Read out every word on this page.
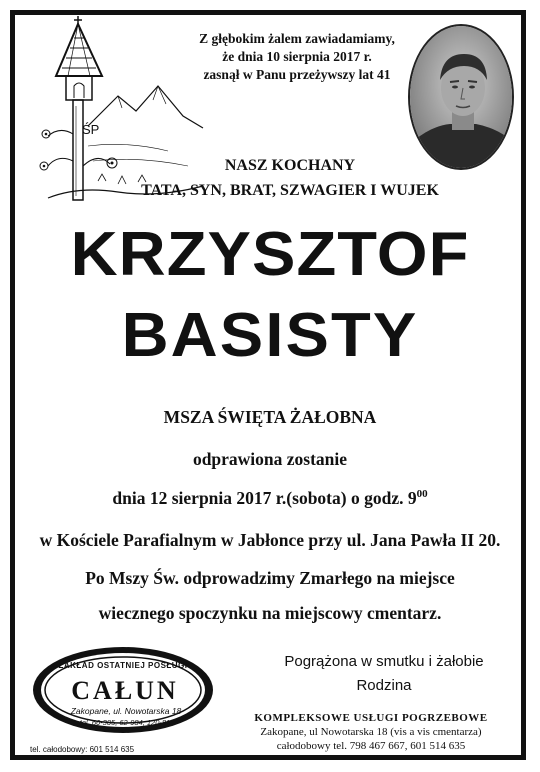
ŚP
Z głębokim żalem zawiadamiamy,
że dnia 10 sierpnia 2017 r.
zasnął w Panu przeżywszy lat 41
NASZ KOCHANY
TATA, SYN, BRAT, SZWAGIER I WUJEK
KRZYSZTOF
BASISTY
MSZA ŚWIĘTA ŻAŁOBNA
odprawiona zostanie
dnia 12 sierpnia 2017 r.(sobota) o godz. $9^{00}$
w Kościele Parafialnym w Jabłonce przy ul. Jana Pawła II 20.
Po Mszy Św. odprowadzimy Zmarłego na miejsce
wiecznego spoczynku na miejscowy cmentarz.
Pogrążona w smutku i żałobie
Rodzina
ZAKŁAD OSTATNIEJ POSŁUGI
CAŁUN
Zakopane, ul. Nowotarska 18
tel. 66-305, 62-984, 120-81
tel. całodobowy: 601 514 635
KOMPLEKSOWE USŁUGI POGRZEBOWE
Zakopane, ul Nowotarska 18 (vis a vis cmentarza)
całodobowy tel. 798 467 667, 601 514 635
